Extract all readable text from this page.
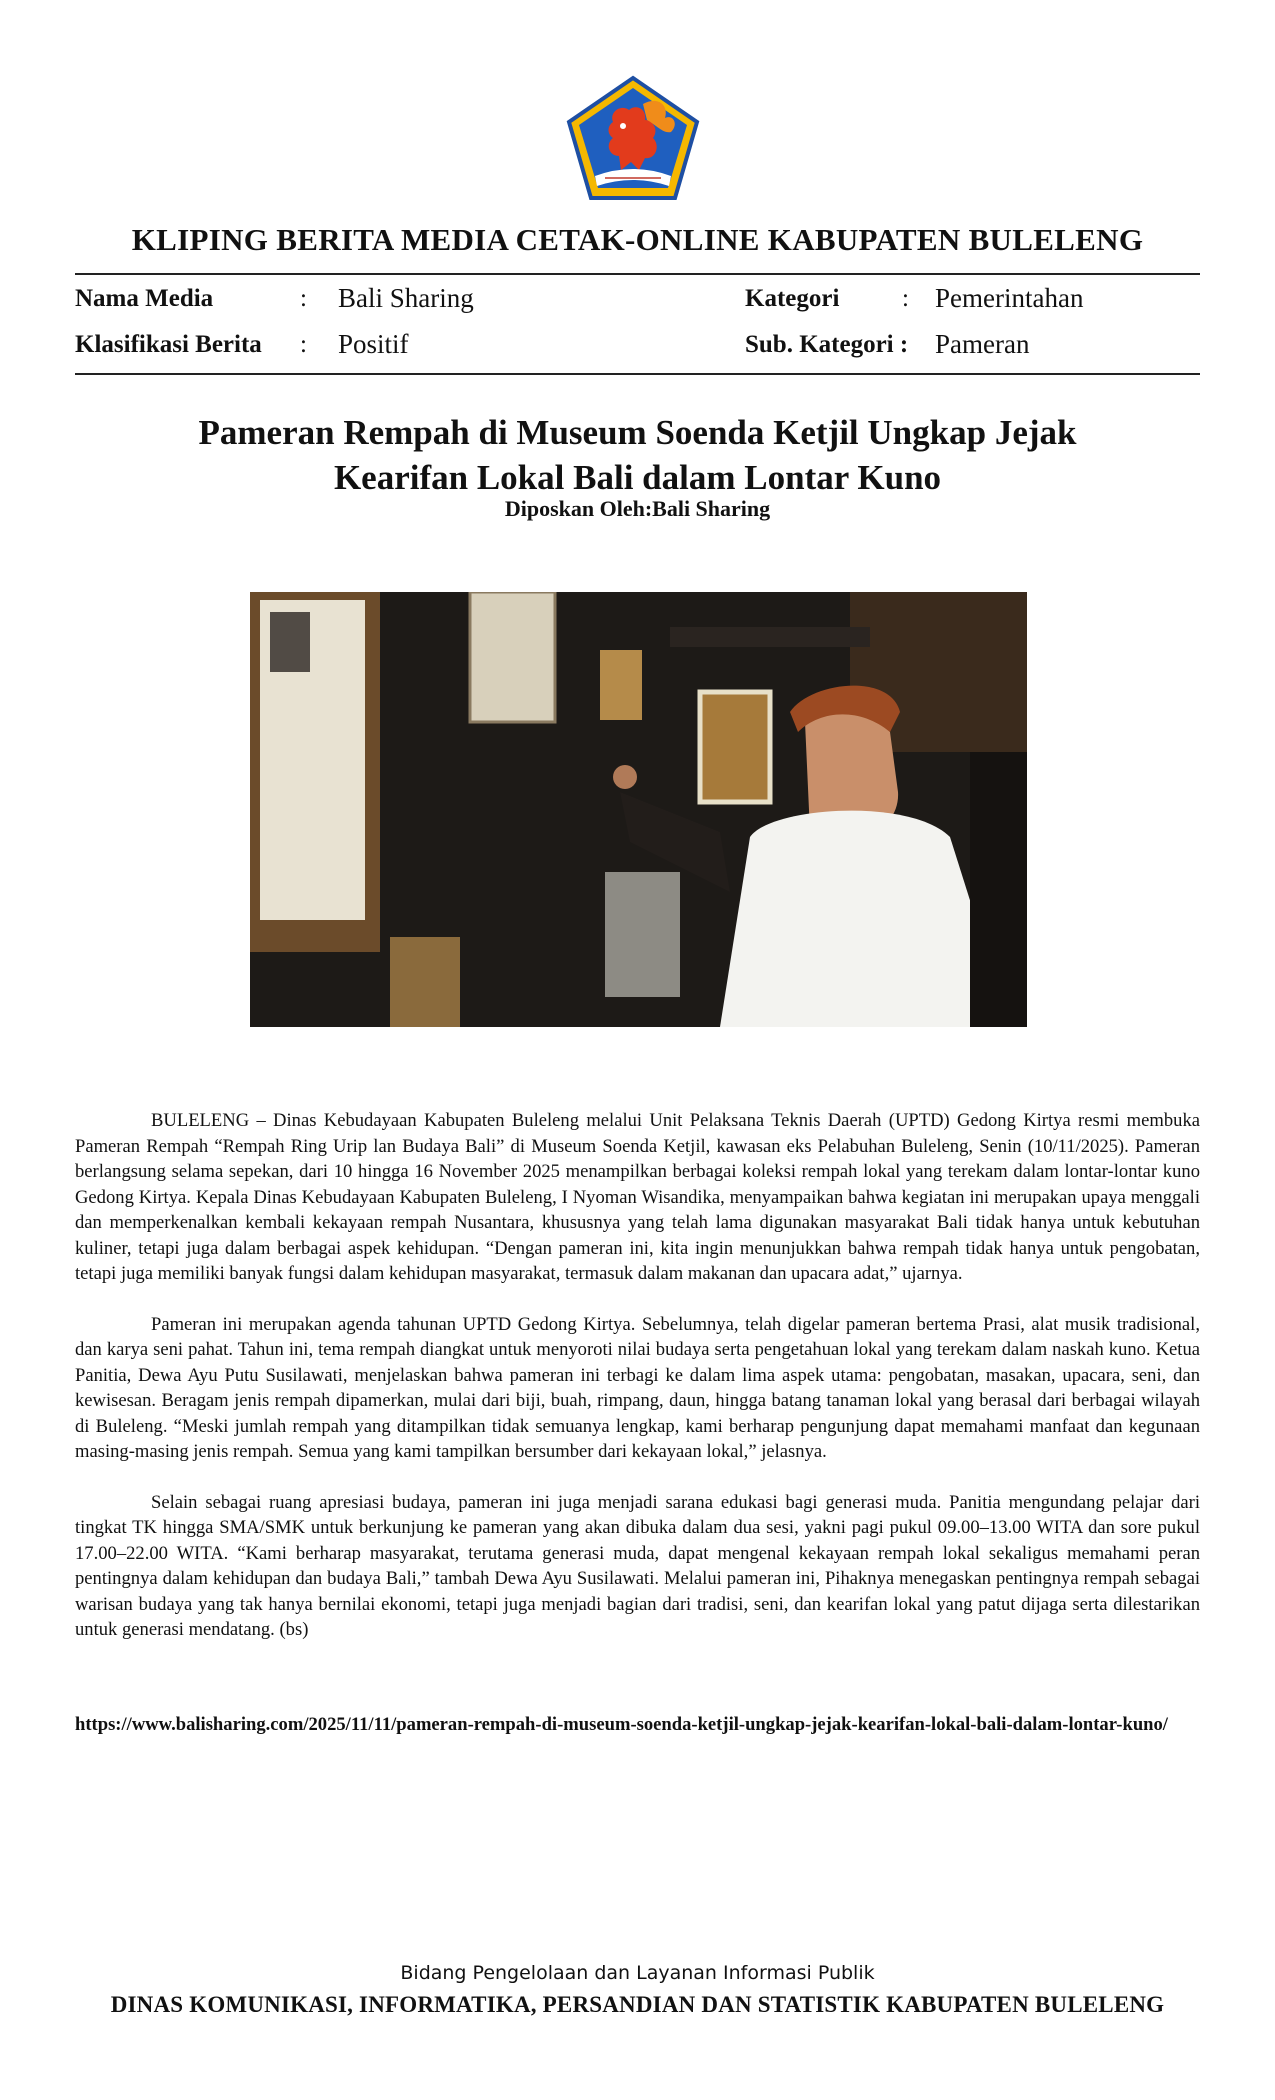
KLIPING BERITA MEDIA CETAK-ONLINE KABUPATEN BULELENG
Nama Media	: Bali Sharing	Kategori	: Pemerintahan
Klasifikasi Berita : Positif	Sub. Kategori : Pameran
Pameran Rempah di Museum Soenda Ketjil Ungkap Jejak
Kearifan Lokal Bali dalam Lontar Kuno
Diposkan Oleh:Bali Sharing

BULELENG – Dinas Kebudayaan Kabupaten Buleleng melalui Unit Pelaksana Teknis Daerah (UPTD) Gedong Kirtya resmi membuka Pameran Rempah “Rempah Ring Urip lan Budaya Bali” di Museum Soenda Ketjil, kawasan eks Pelabuhan Buleleng, Senin (10/11/2025). Pameran berlangsung selama sepekan, dari 10 hingga 16 November 2025 menampilkan berbagai koleksi rempah lokal yang terekam dalam lontar-lontar kuno Gedong Kirtya. Kepala Dinas Kebudayaan Kabupaten Buleleng, I Nyoman Wisandika, menyampaikan bahwa kegiatan ini merupakan upaya menggali dan memperkenalkan kembali kekayaan rempah Nusantara, khususnya yang telah lama digunakan masyarakat Bali tidak hanya untuk kebutuhan kuliner, tetapi juga dalam berbagai aspek kehidupan. “Dengan pameran ini, kita ingin menunjukkan bahwa rempah tidak hanya untuk pengobatan, tetapi juga memiliki banyak fungsi dalam kehidupan masyarakat, termasuk dalam makanan dan upacara adat,” ujarnya.

Pameran ini merupakan agenda tahunan UPTD Gedong Kirtya. Sebelumnya, telah digelar pameran bertema Prasi, alat musik tradisional, dan karya seni pahat. Tahun ini, tema rempah diangkat untuk menyoroti nilai budaya serta pengetahuan lokal yang terekam dalam naskah kuno. Ketua Panitia, Dewa Ayu Putu Susilawati, menjelaskan bahwa pameran ini terbagi ke dalam lima aspek utama: pengobatan, masakan, upacara, seni, dan kewisesan. Beragam jenis rempah dipamerkan, mulai dari biji, buah, rimpang, daun, hingga batang tanaman lokal yang berasal dari berbagai wilayah di Buleleng. “Meski jumlah rempah yang ditampilkan tidak semuanya lengkap, kami berharap pengunjung dapat memahami manfaat dan kegunaan masing-masing jenis rempah. Semua yang kami tampilkan bersumber dari kekayaan lokal,” jelasnya.

Selain sebagai ruang apresiasi budaya, pameran ini juga menjadi sarana edukasi bagi generasi muda. Panitia mengundang pelajar dari tingkat TK hingga SMA/SMK untuk berkunjung ke pameran yang akan dibuka dalam dua sesi, yakni pagi pukul 09.00–13.00 WITA dan sore pukul 17.00–22.00 WITA. “Kami berharap masyarakat, terutama generasi muda, dapat mengenal kekayaan rempah lokal sekaligus memahami peran pentingnya dalam kehidupan dan budaya Bali,” tambah Dewa Ayu Susilawati. Melalui pameran ini, Pihaknya menegaskan pentingnya rempah sebagai warisan budaya yang tak hanya bernilai ekonomi, tetapi juga menjadi bagian dari tradisi, seni, dan kearifan lokal yang patut dijaga serta dilestarikan untuk generasi mendatang. (bs)

https://www.balisharing.com/2025/11/11/pameran-rempah-di-museum-soenda-ketjil-ungkap-jejak-kearifan-lokal-bali-dalam-lontar-kuno/
Bidang Pengelolaan dan Layanan Informasi Publik
DINAS KOMUNIKASI, INFORMATIKA, PERSANDIAN DAN STATISTIK KABUPATEN BULELENG
